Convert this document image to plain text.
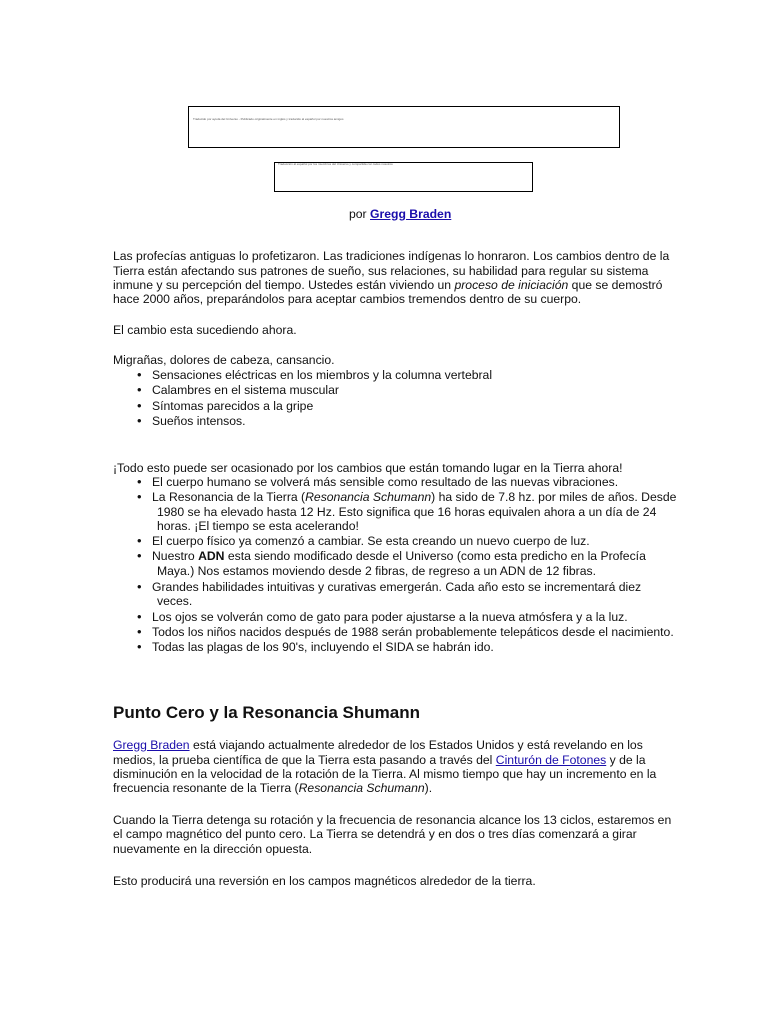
Traducido por ayuda del Universo - Publicado originalmente en inglés y traducido al español por nuestros amigos
Traducción al español por los miembros del Universo y compartida con todos nosotros
por Gregg Braden
Las profecías antiguas lo profetizaron. Las tradiciones indígenas lo honraron. Los cambios dentro de la
Tierra están afectando sus patrones de sueño, sus relaciones, su habilidad para regular su sistema
inmune y su percepción del tiempo. Ustedes están viviendo un proceso de iniciación que se demostró
hace 2000 años, preparándolos para aceptar cambios tremendos dentro de su cuerpo.
El cambio esta sucediendo ahora.
Migrañas, dolores de cabeza, cansancio.
• Sensaciones eléctricas en los miembros y la columna vertebral
• Calambres en el sistema muscular
• Síntomas parecidos a la gripe
• Sueños intensos.
¡Todo esto puede ser ocasionado por los cambios que están tomando lugar en la Tierra ahora!
• El cuerpo humano se volverá más sensible como resultado de las nuevas vibraciones.
• La Resonancia de la Tierra (Resonancia Schumann) ha sido de 7.8 hz. por miles de años. Desde
1980 se ha elevado hasta 12 Hz. Esto significa que 16 horas equivalen ahora a un día de 24
horas. ¡El tiempo se esta acelerando!
• El cuerpo físico ya comenzó a cambiar. Se esta creando un nuevo cuerpo de luz.
• Nuestro ADN esta siendo modificado desde el Universo (como esta predicho en la Profecía
Maya.) Nos estamos moviendo desde 2 fibras, de regreso a un ADN de 12 fibras.
• Grandes habilidades intuitivas y curativas emergerán. Cada año esto se incrementará diez
veces.
• Los ojos se volverán como de gato para poder ajustarse a la nueva atmósfera y a la luz.
• Todos los niños nacidos después de 1988 serán probablemente telepáticos desde el nacimiento.
• Todas las plagas de los 90's, incluyendo el SIDA se habrán ido.
Punto Cero y la Resonancia Shumann
Gregg Braden está viajando actualmente alrededor de los Estados Unidos y está revelando en los
medios, la prueba científica de que la Tierra esta pasando a través del Cinturón de Fotones y de la
disminución en la velocidad de la rotación de la Tierra. Al mismo tiempo que hay un incremento en la
frecuencia resonante de la Tierra (Resonancia Schumann).
Cuando la Tierra detenga su rotación y la frecuencia de resonancia alcance los 13 ciclos, estaremos en
el campo magnético del punto cero. La Tierra se detendrá y en dos o tres días comenzará a girar
nuevamente en la dirección opuesta.
Esto producirá una reversión en los campos magnéticos alrededor de la tierra.
